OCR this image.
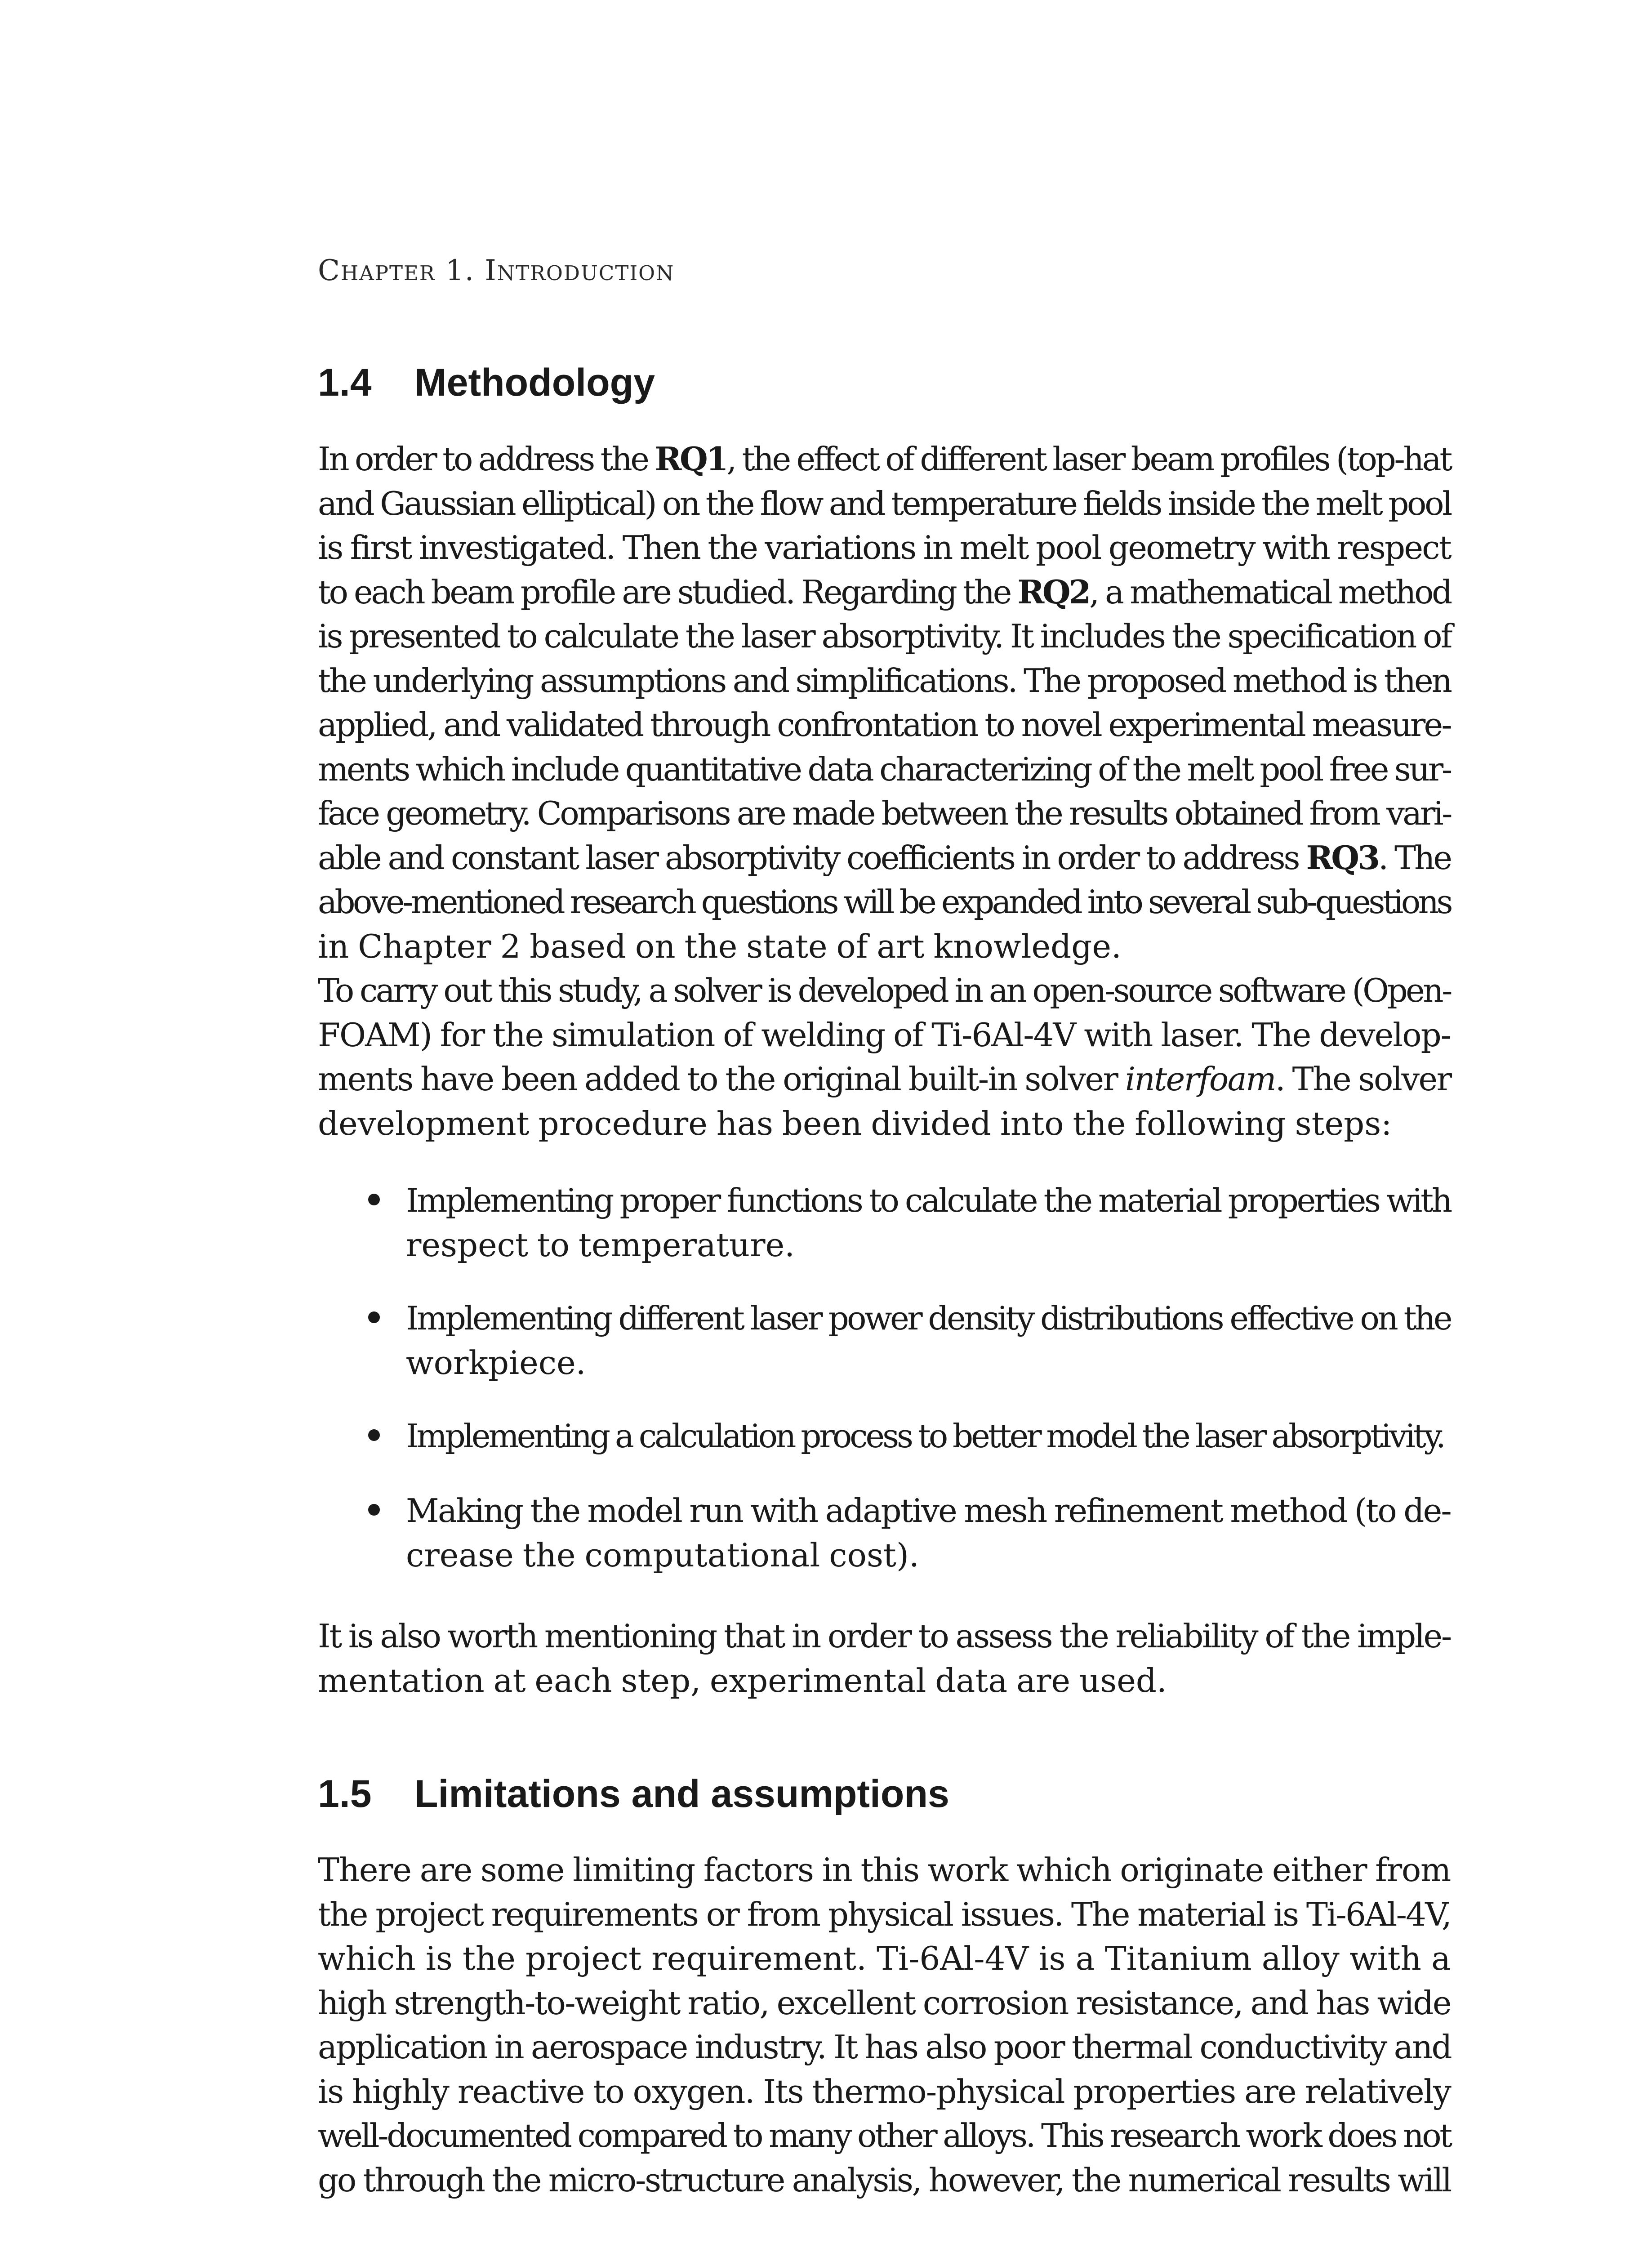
Chapter 1. Introduction
1.4 Methodology
In order to address the RQ1, the effect of different laser beam profiles (top-hat
and Gaussian elliptical) on the flow and temperature fields inside the melt pool
is first investigated. Then the variations in melt pool geometry with respect
to each beam profile are studied. Regarding the RQ2, a mathematical method
is presented to calculate the laser absorptivity. It includes the specification of
the underlying assumptions and simplifications. The proposed method is then
applied, and validated through confrontation to novel experimental measure-
ments which include quantitative data characterizing of the melt pool free sur-
face geometry. Comparisons are made between the results obtained from vari-
able and constant laser absorptivity coefficients in order to address RQ3. The
above-mentioned research questions will be expanded into several sub-questions
in Chapter 2 based on the state of art knowledge.
To carry out this study, a solver is developed in an open-source software (Open-
FOAM) for the simulation of welding of Ti-6Al-4V with laser. The develop-
ments have been added to the original built-in solver interfoam. The solver
development procedure has been divided into the following steps:
Implementing proper functions to calculate the material properties with
respect to temperature.
Implementing different laser power density distributions effective on the
workpiece.
Implementing a calculation process to better model the laser absorptivity.
Making the model run with adaptive mesh refinement method (to de-
crease the computational cost).
It is also worth mentioning that in order to assess the reliability of the imple-
mentation at each step, experimental data are used.
1.5 Limitations and assumptions
There are some limiting factors in this work which originate either from
the project requirements or from physical issues. The material is Ti-6Al-4V,
which is the project requirement. Ti-6Al-4V is a Titanium alloy with a
high strength-to-weight ratio, excellent corrosion resistance, and has wide
application in aerospace industry. It has also poor thermal conductivity and
is highly reactive to oxygen. Its thermo-physical properties are relatively
well-documented compared to many other alloys. This research work does not
go through the micro-structure analysis, however, the numerical results will
